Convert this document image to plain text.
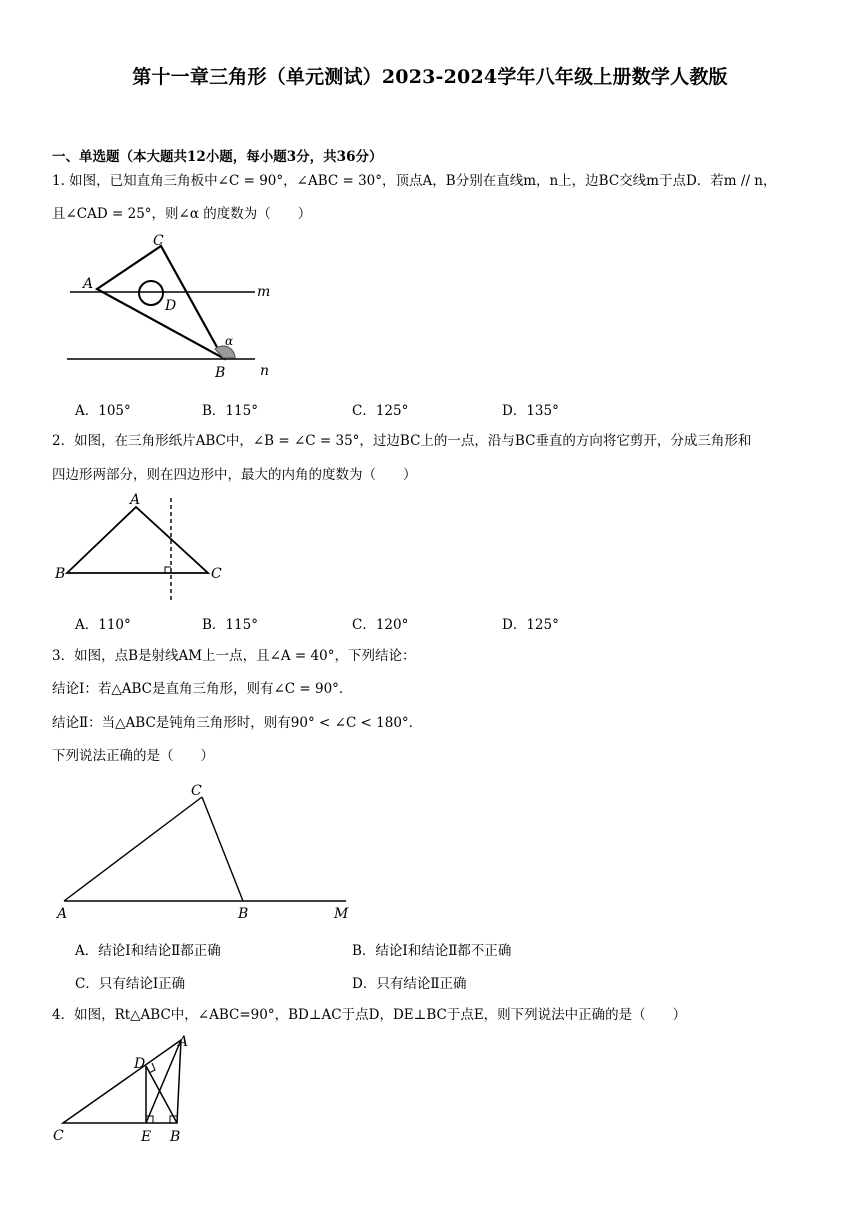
第十一章三角形（单元测试）2023-2024学年八年级上册数学人教版
一、单选题（本大题共12小题，每小题3分，共36分）
1. 如图，已知直角三角板中∠C = 90°，∠ABC = 30°，顶点A，B分别在直线m，n上，边BC交线m于点D．若m // n，
且∠CAD = 25°，则∠α 的度数为（　　）
A
C
D
m
α
B n
A．105°	B．115°	C．125°	D．135°
2．如图，在三角形纸片ABC中，∠B = ∠C = 35°，过边BC上的一点，沿与BC垂直的方向将它剪开，分成三角形和
四边形两部分，则在四边形中，最大的内角的度数为（　　）
A
B	C
A．110°	B．115°	C．120°	D．125°
3．如图，点B是射线AM上一点，且∠A = 40°，下列结论：
结论Ⅰ：若△ABC是直角三角形，则有∠C = 90°．
结论Ⅱ：当△ABC是钝角三角形时，则有90° < ∠C < 180°．
下列说法正确的是（　　）
A
C
B	M
A．结论Ⅰ和结论Ⅱ都正确	B．结论Ⅰ和结论Ⅱ都不正确
C．只有结论Ⅰ正确	D．只有结论Ⅱ正确
4．如图，Rt△ABC中，∠ABC=90°，BD⊥AC于点D，DE⊥BC于点E，则下列说法中正确的是（　　）
A
D
C	E B
